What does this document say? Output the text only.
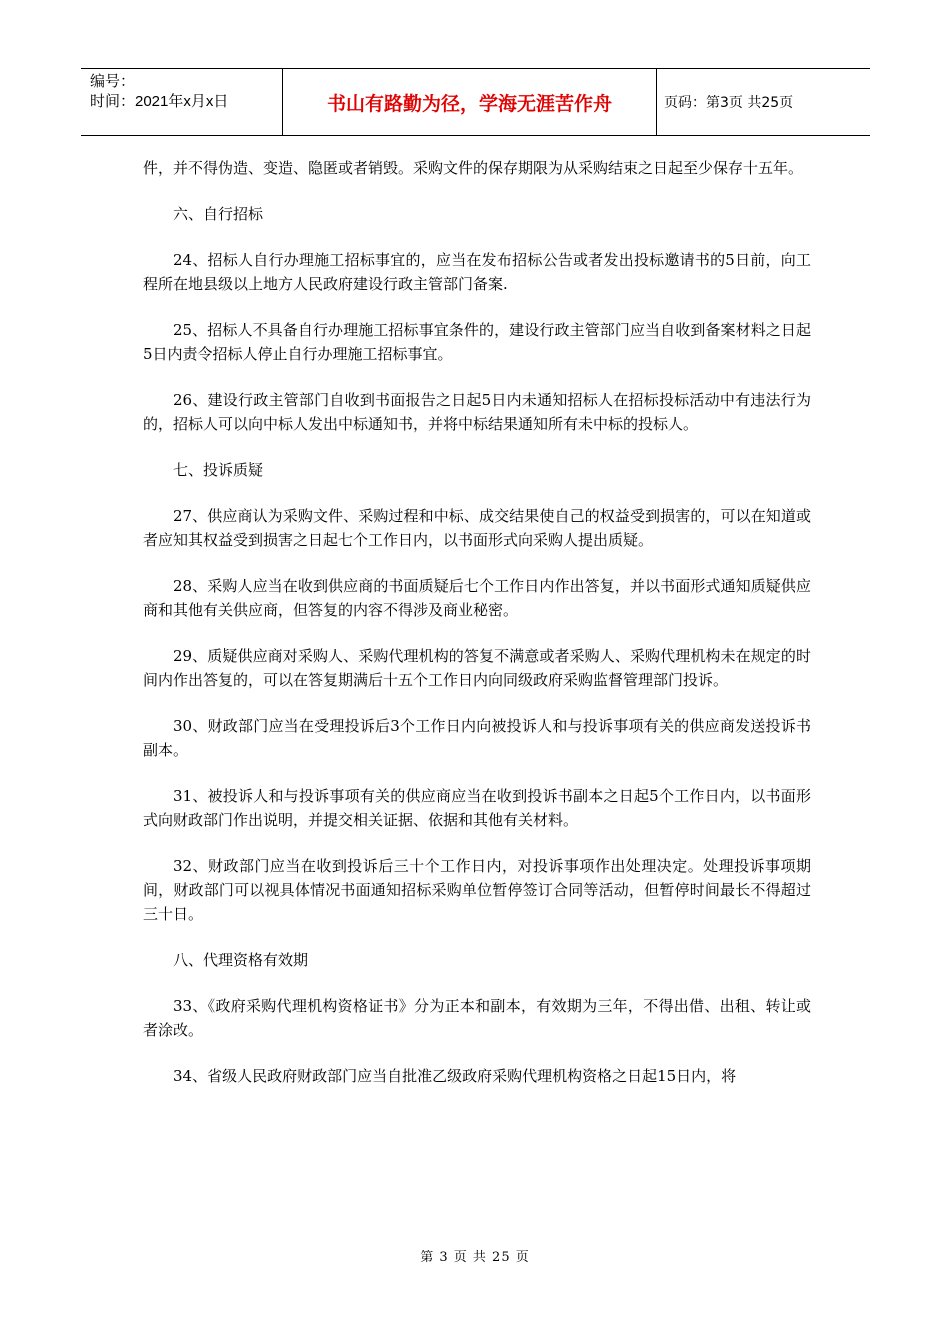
编号：
时间：2021年x月x日	书山有路勤为径，学海无涯苦作舟	页码：第3页 共25页

件，并不得伪造、变造、隐匿或者销毁。采购文件的保存期限为从采购结束之日起至少保存十五年。

六、自行招标

24、招标人自行办理施工招标事宜的，应当在发布招标公告或者发出投标邀请书的5日前，向工程所在地县级以上地方人民政府建设行政主管部门备案.

25、招标人不具备自行办理施工招标事宜条件的，建设行政主管部门应当自收到备案材料之日起5日内责令招标人停止自行办理施工招标事宜。

26、建设行政主管部门自收到书面报告之日起5日内未通知招标人在招标投标活动中有违法行为的，招标人可以向中标人发出中标通知书，并将中标结果通知所有未中标的投标人。

七、投诉质疑

27、供应商认为采购文件、采购过程和中标、成交结果使自己的权益受到损害的，可以在知道或者应知其权益受到损害之日起七个工作日内，以书面形式向采购人提出质疑。

28、采购人应当在收到供应商的书面质疑后七个工作日内作出答复，并以书面形式通知质疑供应商和其他有关供应商，但答复的内容不得涉及商业秘密。

29、质疑供应商对采购人、采购代理机构的答复不满意或者采购人、采购代理机构未在规定的时间内作出答复的，可以在答复期满后十五个工作日内向同级政府采购监督管理部门投诉。

30、财政部门应当在受理投诉后3个工作日内向被投诉人和与投诉事项有关的供应商发送投诉书副本。

31、被投诉人和与投诉事项有关的供应商应当在收到投诉书副本之日起5个工作日内，以书面形式向财政部门作出说明，并提交相关证据、依据和其他有关材料。

32、财政部门应当在收到投诉后三十个工作日内，对投诉事项作出处理决定。处理投诉事项期间，财政部门可以视具体情况书面通知招标采购单位暂停签订合同等活动，但暂停时间最长不得超过三十日。

八、代理资格有效期

33、《政府采购代理机构资格证书》分为正本和副本，有效期为三年，不得出借、出租、转让或者涂改。

34、省级人民政府财政部门应当自批准乙级政府采购代理机构资格之日起15日内，将

第 3 页 共 25 页
